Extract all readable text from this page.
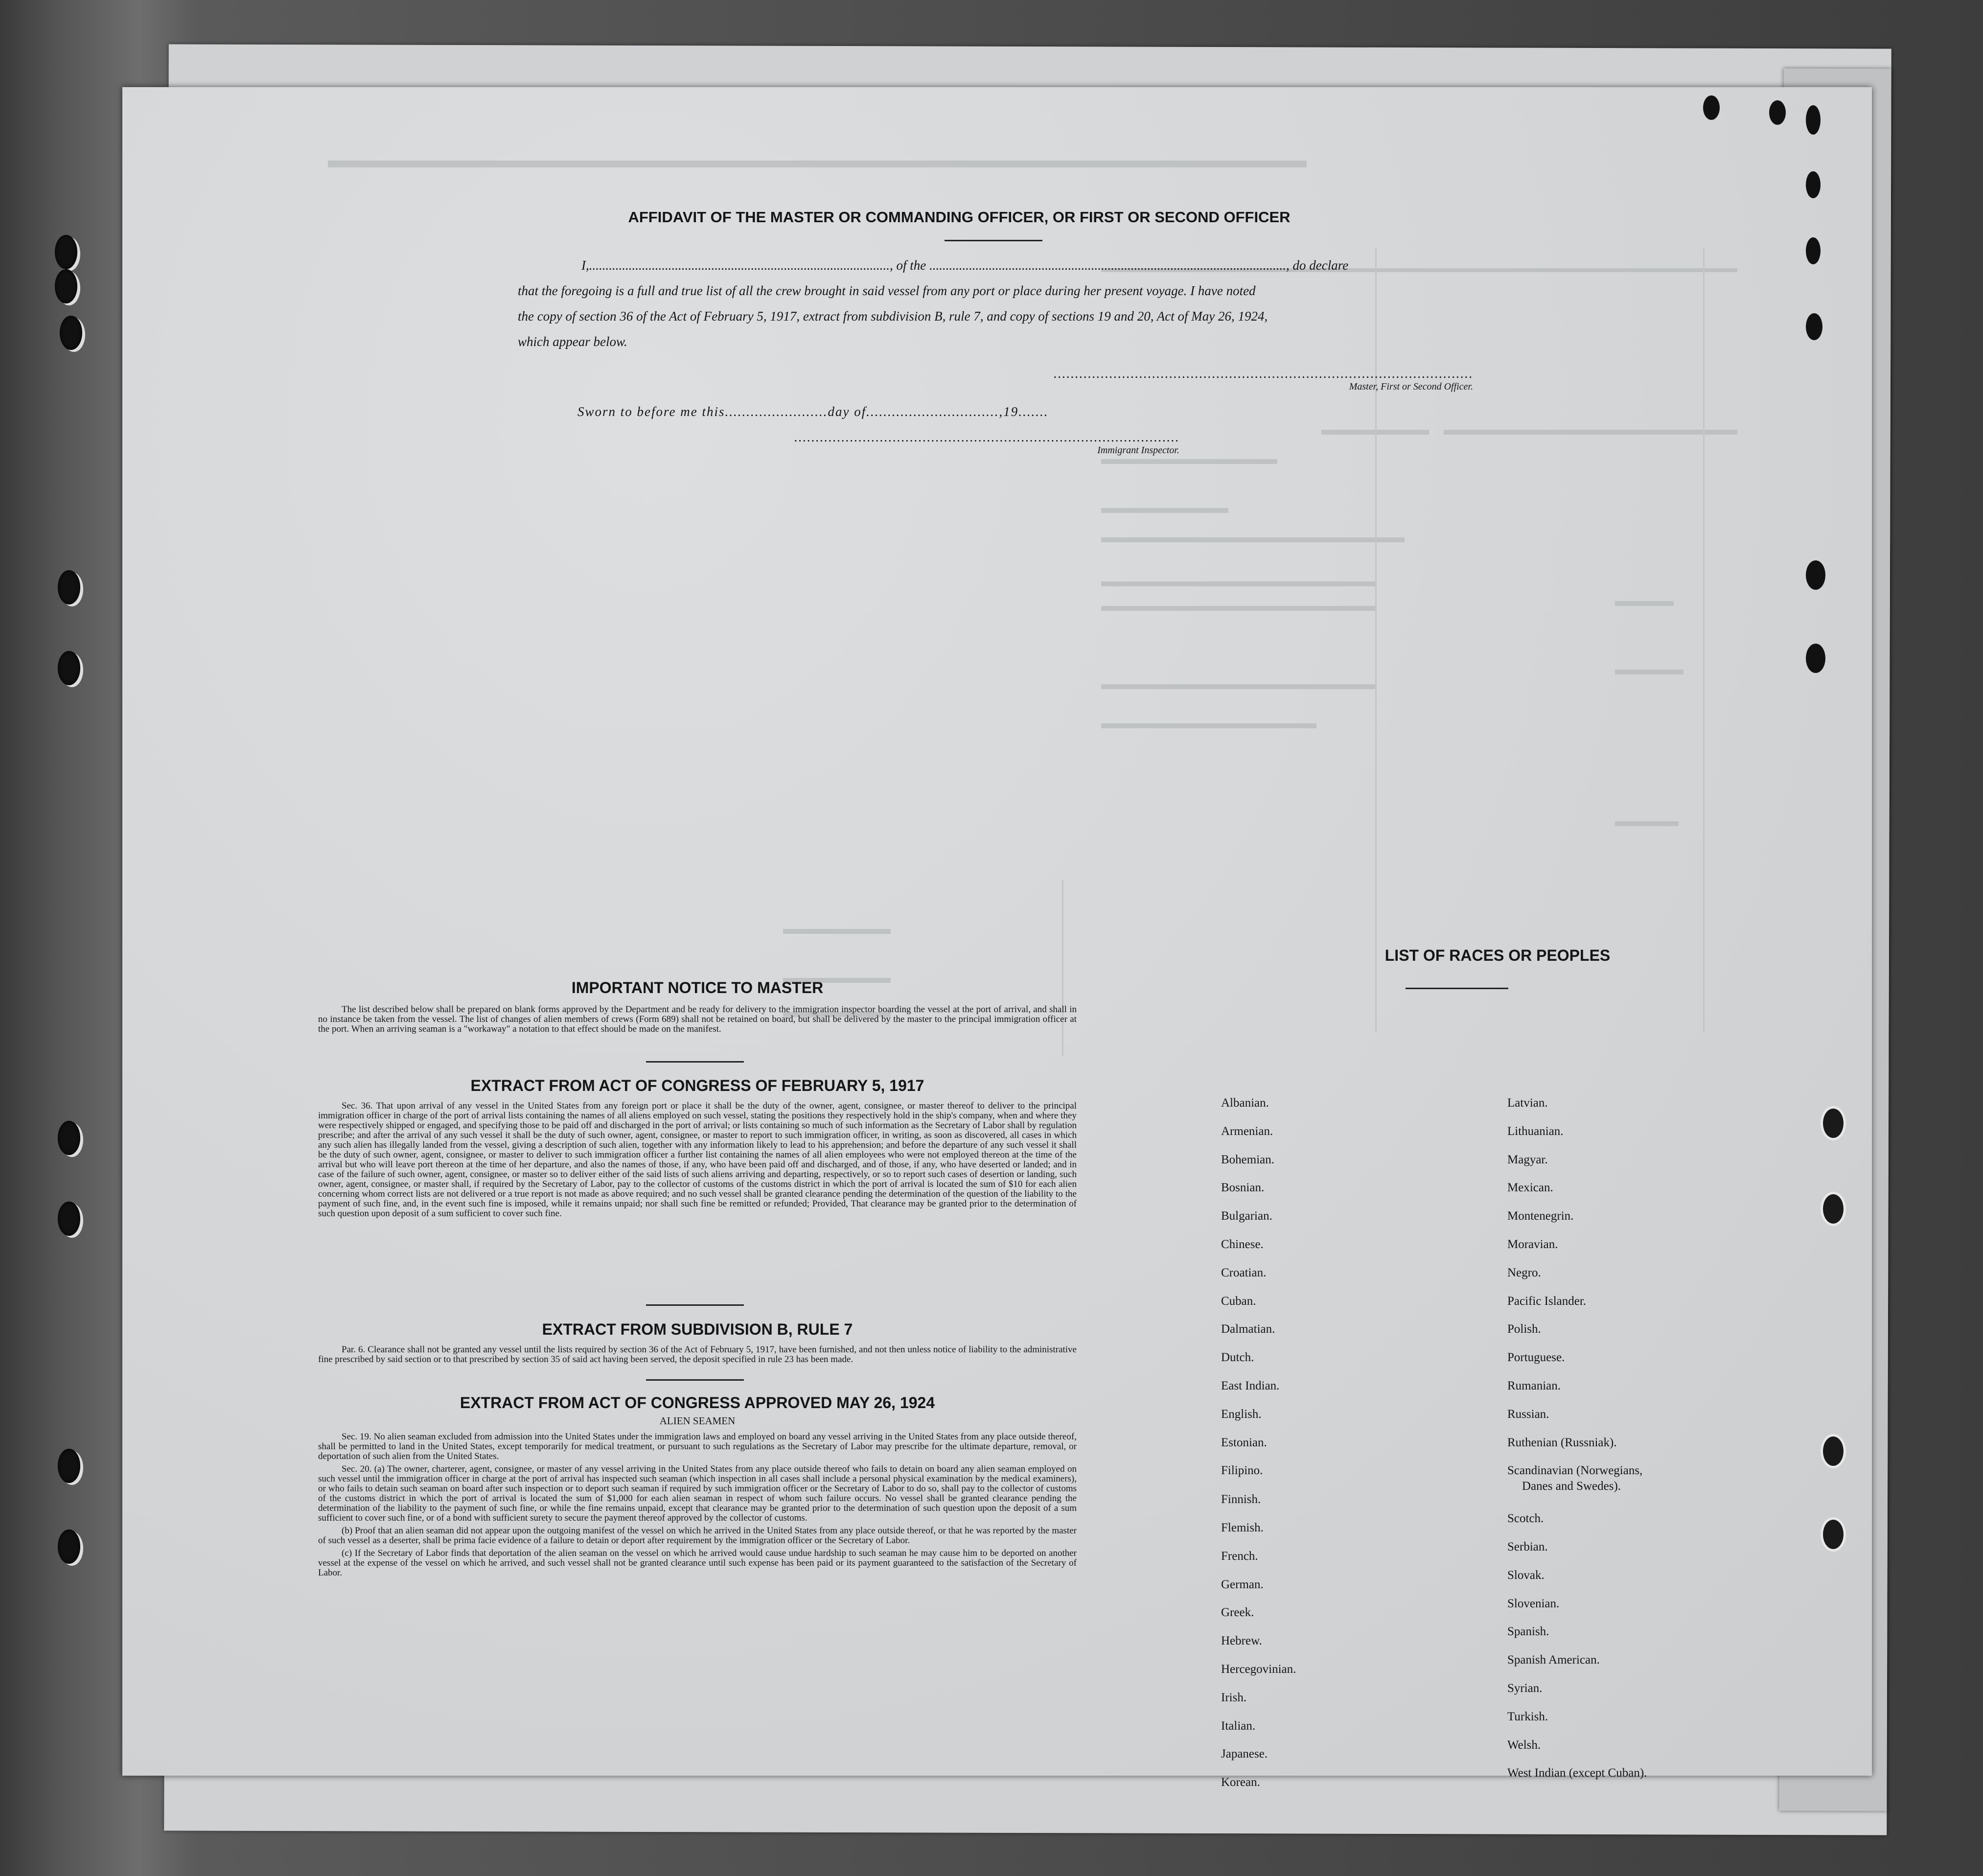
AFFIDAVIT OF THE MASTER OR COMMANDING OFFICER, OR FIRST OR SECOND OFFICER

I,..........................................................................................., of the ............................................................................................................, do declare

that the foregoing is a full and true list of all the crew brought in said vessel from any port or place during her present voyage. I have noted

the copy of section 36 of the Act of February 5, 1917, extract from subdivision B, rule 7, and copy of sections 19 and 20, Act of May 26, 1924,

which appear below.

..................................................................................................
Master, First or Second Officer.
Sworn to before me this........................day of...............................,19.......
..........................................................................................
Immigrant Inspector.
IMPORTANT NOTICE TO MASTER

The list described below shall be prepared on blank forms approved by the Department and be ready for delivery to the immigration inspector boarding the vessel at the port of arrival, and shall in no instance be taken from the vessel. The list of changes of alien members of crews (Form 689) shall not be retained on board, but shall be delivered by the master to the principal immigration officer at the port. When an arriving seaman is a "workaway" a notation to that effect should be made on the manifest.

EXTRACT FROM ACT OF CONGRESS OF FEBRUARY 5, 1917

Sec. 36. That upon arrival of any vessel in the United States from any foreign port or place it shall be the duty of the owner, agent, consignee, or master thereof to deliver to the principal immigration officer in charge of the port of arrival lists containing the names of all aliens employed on such vessel, stating the positions they respectively hold in the ship's company, when and where they were respectively shipped or engaged, and specifying those to be paid off and discharged in the port of arrival; or lists containing so much of such information as the Secretary of Labor shall by regulation prescribe; and after the arrival of any such vessel it shall be the duty of such owner, agent, consignee, or master to report to such immigration officer, in writing, as soon as discovered, all cases in which any such alien has illegally landed from the vessel, giving a description of such alien, together with any information likely to lead to his apprehension; and before the departure of any such vessel it shall be the duty of such owner, agent, consignee, or master to deliver to such immigration officer a further list containing the names of all alien employees who were not employed thereon at the time of the arrival but who will leave port thereon at the time of her departure, and also the names of those, if any, who have been paid off and discharged, and of those, if any, who have deserted or landed; and in case of the failure of such owner, agent, consignee, or master so to deliver either of the said lists of such aliens arriving and departing, respectively, or so to report such cases of desertion or landing, such owner, agent, consignee, or master shall, if required by the Secretary of Labor, pay to the collector of customs of the customs district in which the port of arrival is located the sum of $10 for each alien concerning whom correct lists are not delivered or a true report is not made as above required; and no such vessel shall be granted clearance pending the determination of the question of the liability to the payment of such fine, and, in the event such fine is imposed, while it remains unpaid; nor shall such fine be remitted or refunded; Provided, That clearance may be granted prior to the determination of such question upon deposit of a sum sufficient to cover such fine.

EXTRACT FROM SUBDIVISION B, RULE 7

Par. 6. Clearance shall not be granted any vessel until the lists required by section 36 of the Act of February 5, 1917, have been furnished, and not then unless notice of liability to the administrative fine prescribed by said section or to that prescribed by section 35 of said act having been served, the deposit specified in rule 23 has been made.

EXTRACT FROM ACT OF CONGRESS APPROVED MAY 26, 1924
ALIEN SEAMEN

Sec. 19. No alien seaman excluded from admission into the United States under the immigration laws and employed on board any vessel arriving in the United States from any place outside thereof, shall be permitted to land in the United States, except temporarily for medical treatment, or pursuant to such regulations as the Secretary of Labor may prescribe for the ultimate departure, removal, or deportation of such alien from the United States.

Sec. 20. (a) The owner, charterer, agent, consignee, or master of any vessel arriving in the United States from any place outside thereof who fails to detain on board any alien seaman employed on such vessel until the immigration officer in charge at the port of arrival has inspected such seaman (which inspection in all cases shall include a personal physical examination by the medical examiners), or who fails to detain such seaman on board after such inspection or to deport such seaman if required by such immigration officer or the Secretary of Labor to do so, shall pay to the collector of customs of the customs district in which the port of arrival is located the sum of $1,000 for each alien seaman in respect of whom such failure occurs. No vessel shall be granted clearance pending the determination of the liability to the payment of such fine, or while the fine remains unpaid, except that clearance may be granted prior to the determination of such question upon the deposit of a sum sufficient to cover such fine, or of a bond with sufficient surety to secure the payment thereof approved by the collector of customs.

(b) Proof that an alien seaman did not appear upon the outgoing manifest of the vessel on which he arrived in the United States from any place outside thereof, or that he was reported by the master of such vessel as a deserter, shall be prima facie evidence of a failure to detain or deport after requirement by the immigration officer or the Secretary of Labor.

(c) If the Secretary of Labor finds that deportation of the alien seaman on the vessel on which he arrived would cause undue hardship to such seaman he may cause him to be deported on another vessel at the expense of the vessel on which he arrived, and such vessel shall not be granted clearance until such expense has been paid or its payment guaranteed to the satisfaction of the Secretary of Labor.

LIST OF RACES OR PEOPLES
Albanian.
Armenian.
Bohemian.
Bosnian.
Bulgarian.
Chinese.
Croatian.
Cuban.
Dalmatian.
Dutch.
East Indian.
English.
Estonian.
Filipino.
Finnish.
Flemish.
French.
German.
Greek.
Hebrew.
Hercegovinian.
Irish.
Italian.
Japanese.
Korean.
Latvian.
Lithuanian.
Magyar.
Mexican.
Montenegrin.
Moravian.
Negro.
Pacific Islander.
Polish.
Portuguese.
Rumanian.
Russian.
Ruthenian (Russniak).
Scandinavian (Norwegians,
Danes and Swedes).
Scotch.
Serbian.
Slovak.
Slovenian.
Spanish.
Spanish American.
Syrian.
Turkish.
Welsh.
West Indian (except Cuban).
